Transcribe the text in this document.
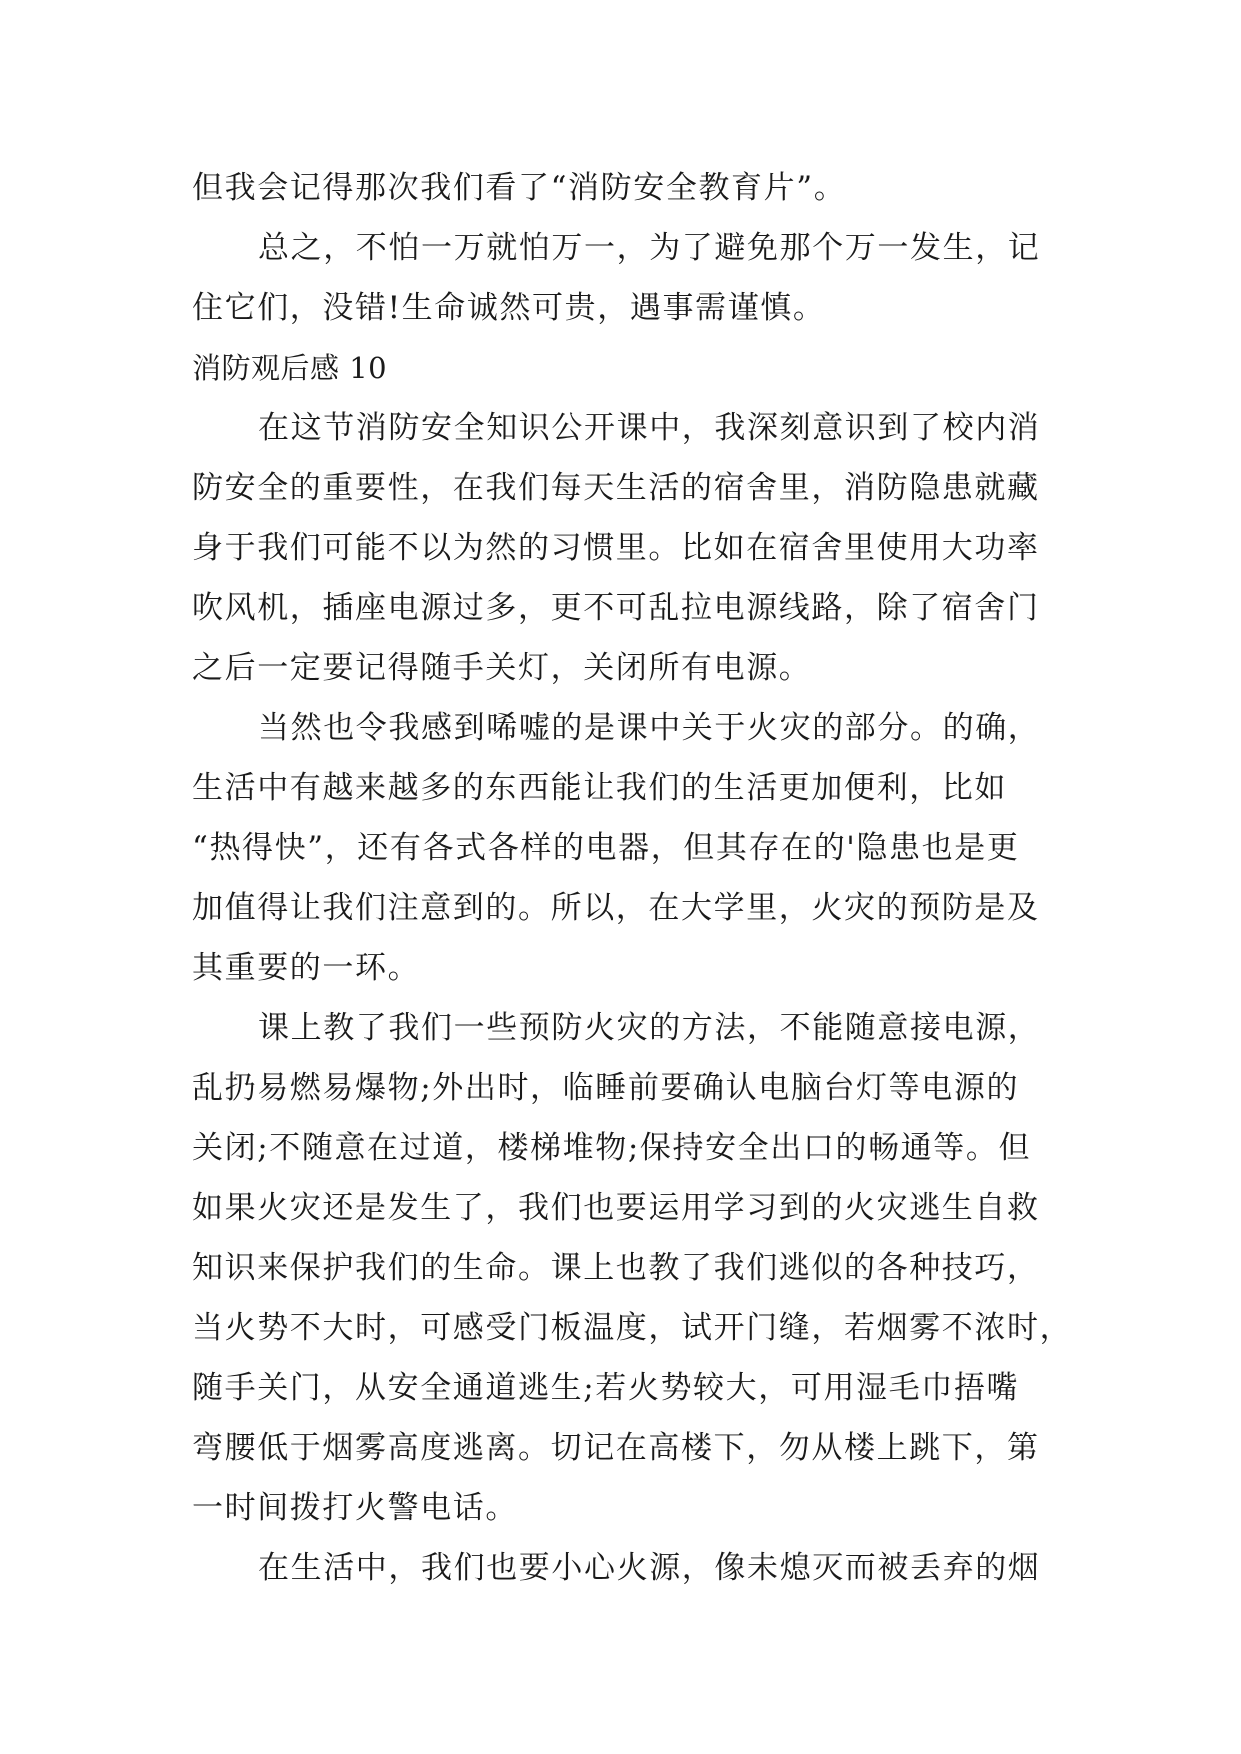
但我会记得那次我们看了“消防安全教育片”。
总之，不怕一万就怕万一，为了避免那个万一发生，记
住它们，没错!生命诚然可贵，遇事需谨慎。
消防观后感 10
在这节消防安全知识公开课中，我深刻意识到了校内消
防安全的重要性，在我们每天生活的宿舍里，消防隐患就藏
身于我们可能不以为然的习惯里。比如在宿舍里使用大功率
吹风机，插座电源过多，更不可乱拉电源线路，除了宿舍门
之后一定要记得随手关灯，关闭所有电源。
当然也令我感到唏嘘的是课中关于火灾的部分。的确，
生活中有越来越多的东西能让我们的生活更加便利，比如
“热得快”，还有各式各样的电器，但其存在的'隐患也是更
加值得让我们注意到的。所以，在大学里，火灾的预防是及
其重要的一环。
课上教了我们一些预防火灾的方法，不能随意接电源，
乱扔易燃易爆物;外出时，临睡前要确认电脑台灯等电源的
关闭;不随意在过道，楼梯堆物;保持安全出口的畅通等。但
如果火灾还是发生了，我们也要运用学习到的火灾逃生自救
知识来保护我们的生命。课上也教了我们逃似的各种技巧，
当火势不大时，可感受门板温度，试开门缝，若烟雾不浓时，
随手关门，从安全通道逃生;若火势较大，可用湿毛巾捂嘴
弯腰低于烟雾高度逃离。切记在高楼下，勿从楼上跳下，第
一时间拨打火警电话。
在生活中，我们也要小心火源，像未熄灭而被丢弃的烟
